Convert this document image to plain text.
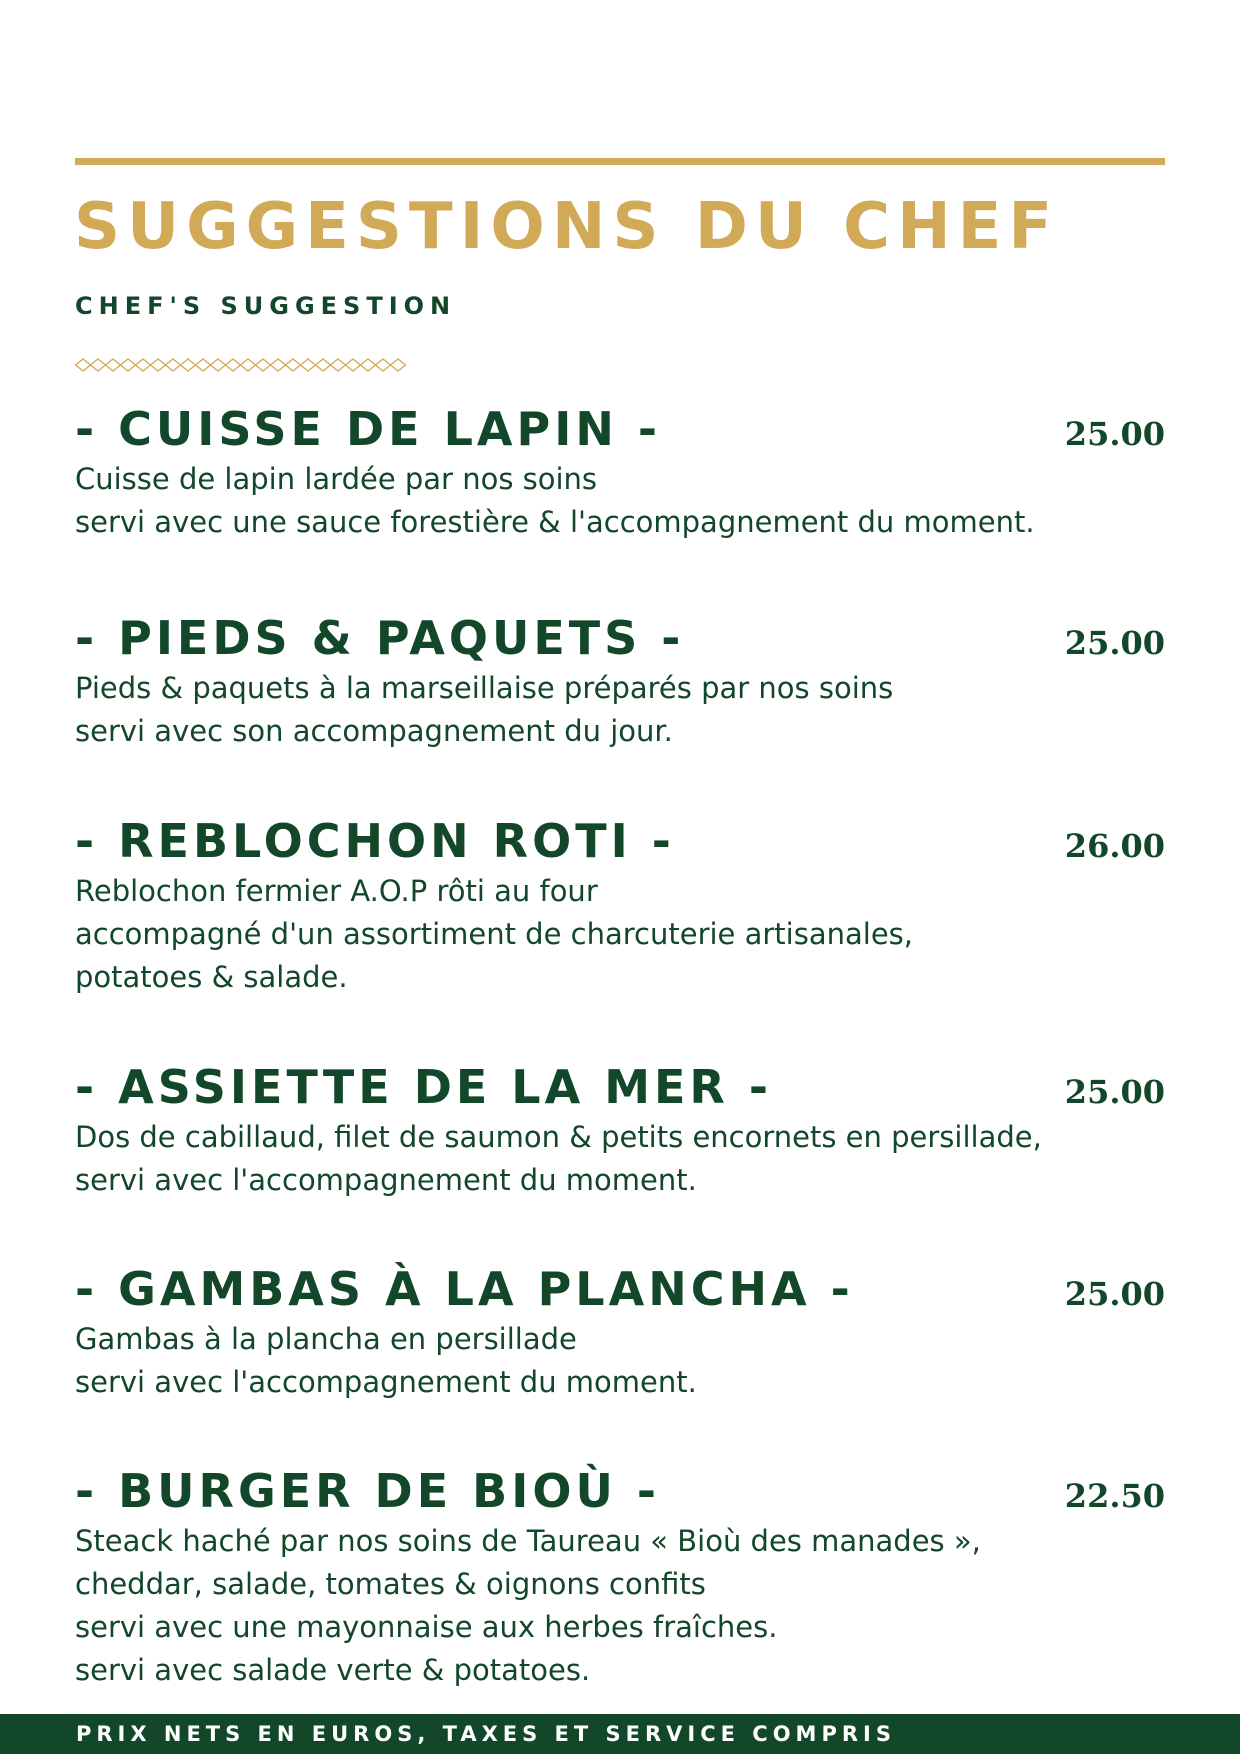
SUGGESTIONS DU CHEF
CHEF'S SUGGESTION
- CUISSE DE LAPIN -	25.00
Cuisse de lapin lardée par nos soins
servi avec une sauce forestière & l'accompagnement du moment.
- PIEDS & PAQUETS -	25.00
Pieds & paquets à la marseillaise préparés par nos soins
servi avec son accompagnement du jour.
- REBLOCHON ROTI -	26.00
Reblochon fermier A.O.P rôti au four
accompagné d'un assortiment de charcuterie artisanales,
potatoes & salade.
- ASSIETTE DE LA MER -	25.00
Dos de cabillaud, filet de saumon & petits encornets en persillade,
servi avec l'accompagnement du moment.
- GAMBAS À LA PLANCHA -	25.00
Gambas à la plancha en persillade
servi avec l'accompagnement du moment.
- BURGER DE BIOÙ -	22.50
Steack haché par nos soins de Taureau « Bioù des manades »,
cheddar, salade, tomates & oignons confits
servi avec une mayonnaise aux herbes fraîches.
servi avec salade verte & potatoes.
PRIX NETS EN EUROS, TAXES ET SERVICE COMPRIS
